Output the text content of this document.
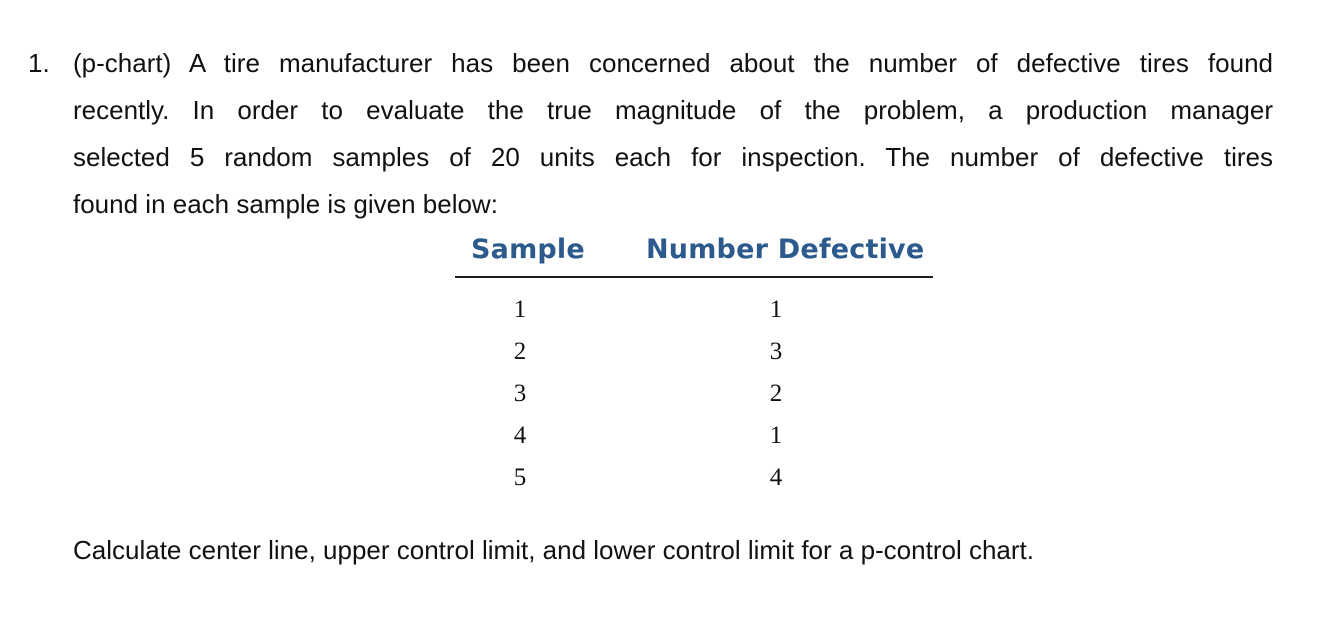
1. (p-chart) A tire manufacturer has been concerned about the number of defective tires found
recently. In order to evaluate the true magnitude of the problem, a production manager
selected 5 random samples of 20 units each for inspection. The number of defective tires
found in each sample is given below:
Sample Number Defective
1	1
2	3
3	2
4	1
5	4
Calculate center line, upper control limit, and lower control limit for a p-control chart.
